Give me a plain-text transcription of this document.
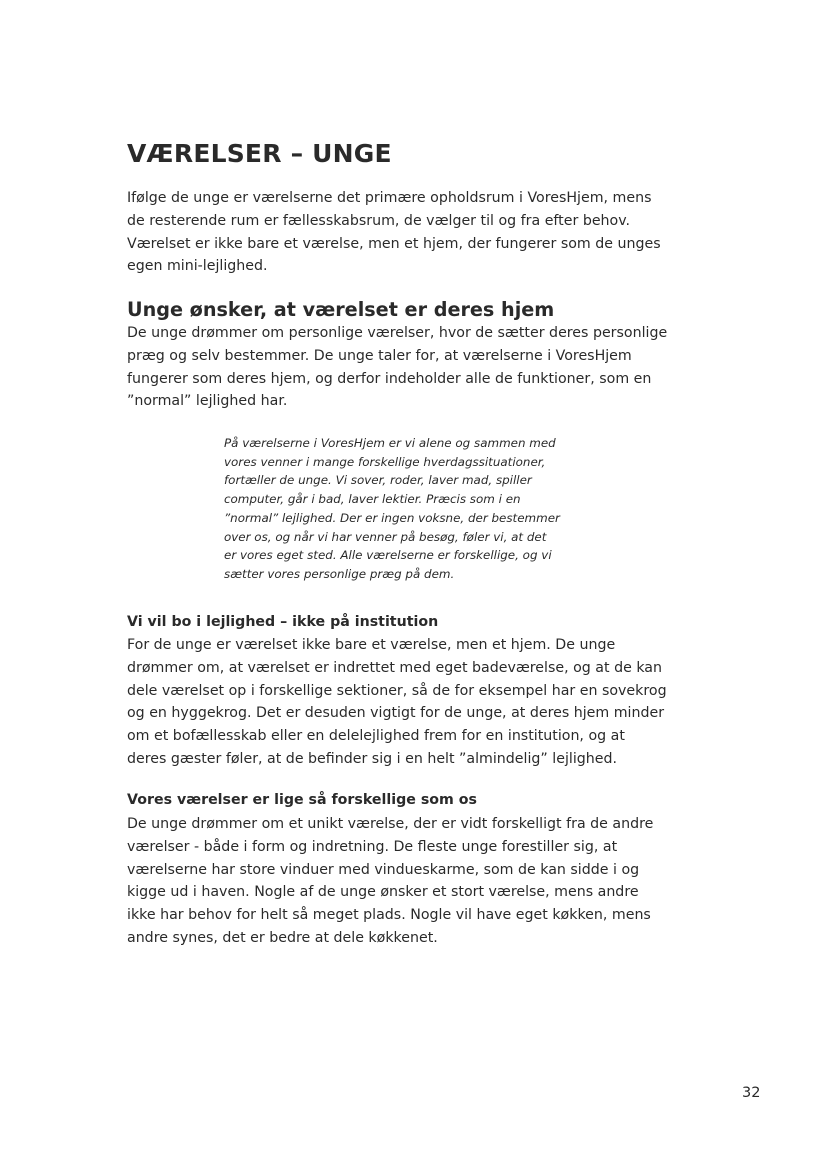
VÆRELSER – UNGE

Ifølge de unge er værelserne det primære opholdsrum i VoresHjem, mens
de resterende rum er fællesskabsrum, de vælger til og fra efter behov.
Værelset er ikke bare et værelse, men et hjem, der fungerer som de unges
egen mini-lejlighed.

Unge ønsker, at værelset er deres hjem

De unge drømmer om personlige værelser, hvor de sætter deres personlige
præg og selv bestemmer. De unge taler for, at værelserne i VoresHjem
fungerer som deres hjem, og derfor indeholder alle de funktioner, som en
”normal” lejlighed har.

På værelserne i VoresHjem er vi alene og sammen med
vores venner i mange forskellige hverdagssituationer,
fortæller de unge. Vi sover, roder, laver mad, spiller
computer, går i bad, laver lektier. Præcis som i en
”normal” lejlighed. Der er ingen voksne, der bestemmer
over os, og når vi har venner på besøg, føler vi, at det
er vores eget sted. Alle værelserne er forskellige, og vi
sætter vores personlige præg på dem.
Vi vil bo i lejlighed – ikke på institution

For de unge er værelset ikke bare et værelse, men et hjem. De unge
drømmer om, at værelset er indrettet med eget badeværelse, og at de kan
dele værelset op i forskellige sektioner, så de for eksempel har en sovekrog
og en hyggekrog. Det er desuden vigtigt for de unge, at deres hjem minder
om et bofællesskab eller en delelejlighed frem for en institution, og at
deres gæster føler, at de befinder sig i en helt ”almindelig” lejlighed.

Vores værelser er lige så forskellige som os

De unge drømmer om et unikt værelse, der er vidt forskelligt fra de andre
værelser - både i form og indretning. De fleste unge forestiller sig, at
værelserne har store vinduer med vindueskarme, som de kan sidde i og
kigge ud i haven. Nogle af de unge ønsker et stort værelse, mens andre
ikke har behov for helt så meget plads. Nogle vil have eget køkken, mens
andre synes, det er bedre at dele køkkenet.

32
